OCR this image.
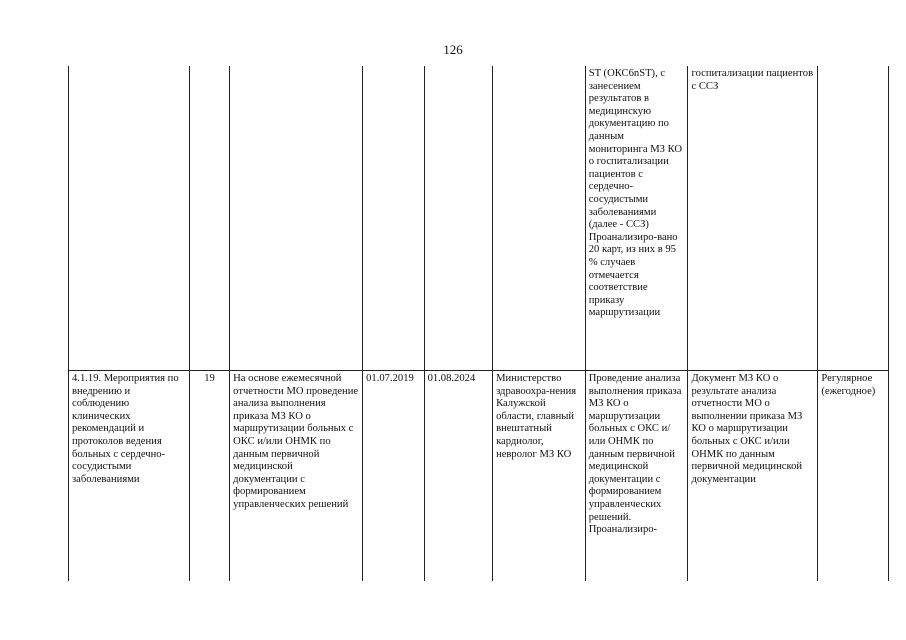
126
						ST (ОКС6nST), с занесением результатов в медицинскую документацию по данным мониторинга МЗ КО о госпитализации пациентов с сердечно-сосудистыми заболеваниями (далее - ССЗ) Проанализиро-вано 20 карт, из них в 95 % случаев отмечается соответствие приказу маршрутизации	госпитализации пациентов с ССЗ	
4.1.19. Мероприятия по внедрению и соблюдению клинических рекомендаций и протоколов ведения больных с сердечно-сосудистыми заболеваниями	19	На основе ежемесячной отчетности МО проведение анализа выполнения приказа МЗ КО о маршрутизации больных с ОКС и/или ОНМК по данным первичной медицинской документации с формированием управленческих решений	01.07.2019	01.08.2024	Министерство здравоохра-нения Калужской области, главный внештатный кардиолог, невролог МЗ КО	Проведение анализа выполнения приказа МЗ КО о маршрутизации больных с ОКС и/или ОНМК по данным первичной медицинской документации с формированием управленческих решений. Проанализиро-	Документ МЗ КО о результате анализа отчетности МО о выполнении приказа МЗ КО о маршрутизации больных с ОКС и/или ОНМК по данным первичной медицинской документации	Регулярное (ежегодное)
